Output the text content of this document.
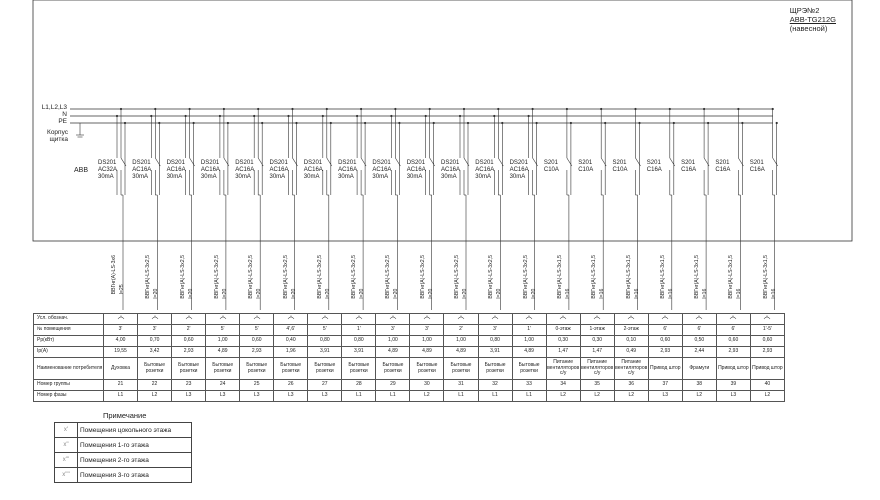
ЩРЭ№2
ABB-TG212G
(навесной)
L1,L2,L3
N
PE
Корпус
щитка
ABB
DS201
AC32A
30mA
DS201
AC16A
30mA
DS201
AC16A
30mA
DS201
AC16A
30mA
DS201
AC16A
30mA
DS201
AC16A
30mA
DS201
AC16A
30mA
DS201
AC16A
30mA
DS201
AC16A
30mA
DS201
AC16A
30mA
DS201
AC16A
30mA
DS201
AC16A
30mA
DS201
AC16A
30mA
S201
C10A
S201
C10A
S201
C10A
S201
C16A
S201
C16A
S201
C16A
S201
C16A
ВВГнг(А)-LS-3х6 l=25	ВВГнг(А)-LS-3х2,5 l=20	ВВГнг(А)-LS-3х2,5 l=20	ВВГнг(А)-LS-3х2,5 l=20	ВВГнг(А)-LS-3х2,5 l=20	ВВГнг(А)-LS-3х2,5 l=20	ВВГнг(А)-LS-3х2,5 l=20	ВВГнг(А)-LS-3х2,5 l=20	ВВГнг(А)-LS-3х2,5 l=20	ВВГнг(А)-LS-3х2,5 l=20	ВВГнг(А)-LS-3х2,5 l=20	ВВГнг(А)-LS-3х2,5 l=20	ВВГнг(А)-LS-3х2,5 l=20	ВВГнг(А)-LS-3х1,5 l=16	ВВГнг(А)-LS-3х1,5 l=16	ВВГнг(А)-LS-3х1,5 l=16	ВВГнг(А)-LS-3х1,5 l=16	ВВГнг(А)-LS-3х1,5 l=16	ВВГнг(А)-LS-3х1,5 l=16	ВВГнг(А)-LS-3х1,5 l=16
Усл. обознач.																				
№ помещения	3'	3'	2'	5'	5'	4',6'	5'	1'	3'	3'	2'	3'	1'	0-этаж	1-этаж	2-этаж	6'	6'	6'	1'-5'
Рр(кВт)	4,00	0,70	0,60	1,00	0,60	0,40	0,80	0,80	1,00	1,00	1,00	0,80	1,00	0,30	0,30	0,10	0,60	0,50	0,60	0,60
Ip(A)	19,55	3,42	2,93	4,89	2,93	1,96	3,91	3,91	4,89	4,89	4,89	3,91	4,89	1,47	1,47	0,49	2,93	2,44	2,93	2,93
Наименование потребителя	Духовка	Бытовые розетки	Бытовые розетки	Бытовые розетки	Бытовые розетки	Бытовые розетки	Бытовые розетки	Бытовые розетки	Бытовые розетки	Бытовые розетки	Бытовые розетки	Бытовые розетки	Бытовые розетки	Питание вентиляторов с/у	Питание вентиляторов с/у	Питание вентиляторов с/у	Привод штор	Фрамуги	Привод штор	Привод штор
Номер группы	21	22	23	24	25	26	27	28	29	30	31	32	33	34	35	36	37	38	39	40
Номер фазы	L1	L2	L3	L3	L3	L3	L3	L1	L1	L2	L1	L1	L1	L2	L2	L2	L3	L2	L3	L2
Примечание
x'	Помещения цокольного этажа
x''	Помещения 1-го этажа
x'''	Помещения 2-го этажа
x''''	Помещения 3-го этажа
